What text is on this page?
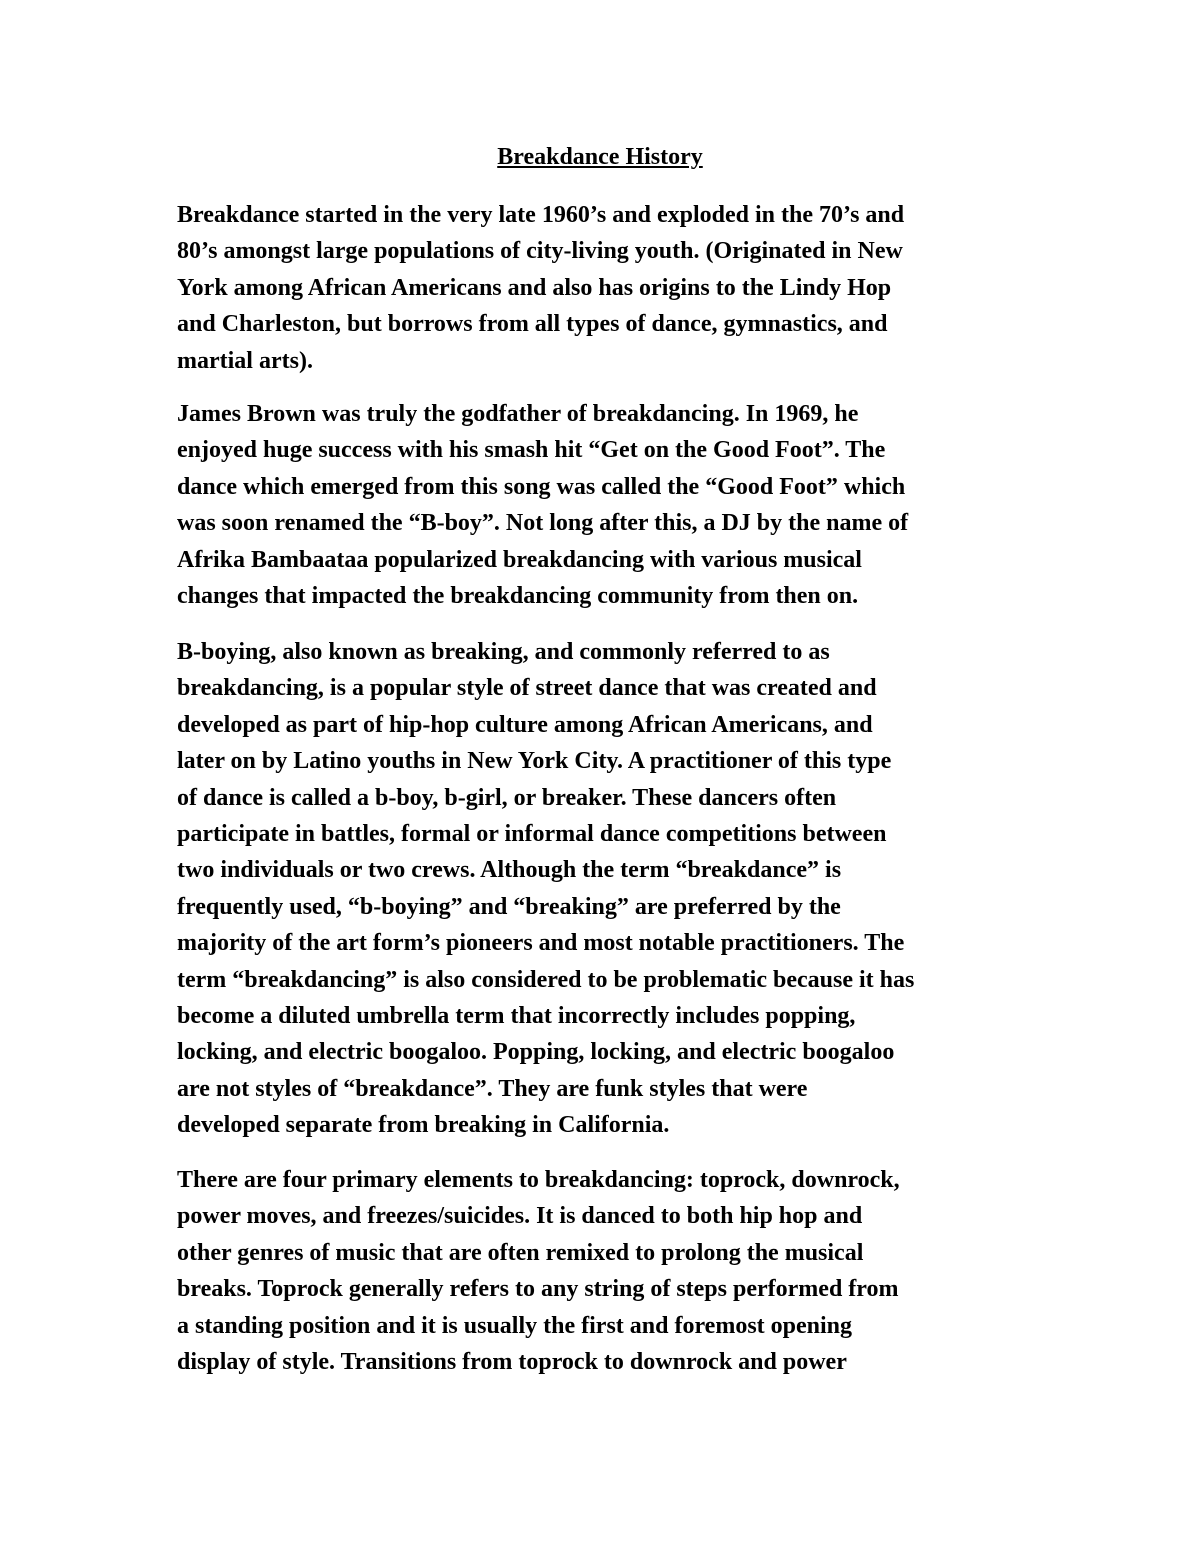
Breakdance History
Breakdance started in the very late 1960’s and exploded in the 70’s and
80’s amongst large populations of city-living youth. (Originated in New
York among African Americans and also has origins to the Lindy Hop
and Charleston, but borrows from all types of dance, gymnastics, and
martial arts).
James Brown was truly the godfather of breakdancing. In 1969, he
enjoyed huge success with his smash hit “Get on the Good Foot”. The
dance which emerged from this song was called the “Good Foot” which
was soon renamed the “B-boy”. Not long after this, a DJ by the name of
Afrika Bambaataa popularized breakdancing with various musical
changes that impacted the breakdancing community from then on.
B-boying, also known as breaking, and commonly referred to as
breakdancing, is a popular style of street dance that was created and
developed as part of hip-hop culture among African Americans, and
later on by Latino youths in New York City. A practitioner of this type
of dance is called a b-boy, b-girl, or breaker. These dancers often
participate in battles, formal or informal dance competitions between
two individuals or two crews. Although the term “breakdance” is
frequently used, “b-boying” and “breaking” are preferred by the
majority of the art form’s pioneers and most notable practitioners. The
term “breakdancing” is also considered to be problematic because it has
become a diluted umbrella term that incorrectly includes popping,
locking, and electric boogaloo. Popping, locking, and electric boogaloo
are not styles of “breakdance”. They are funk styles that were
developed separate from breaking in California.
There are four primary elements to breakdancing: toprock, downrock,
power moves, and freezes/suicides. It is danced to both hip hop and
other genres of music that are often remixed to prolong the musical
breaks. Toprock generally refers to any string of steps performed from
a standing position and it is usually the first and foremost opening
display of style. Transitions from toprock to downrock and power
